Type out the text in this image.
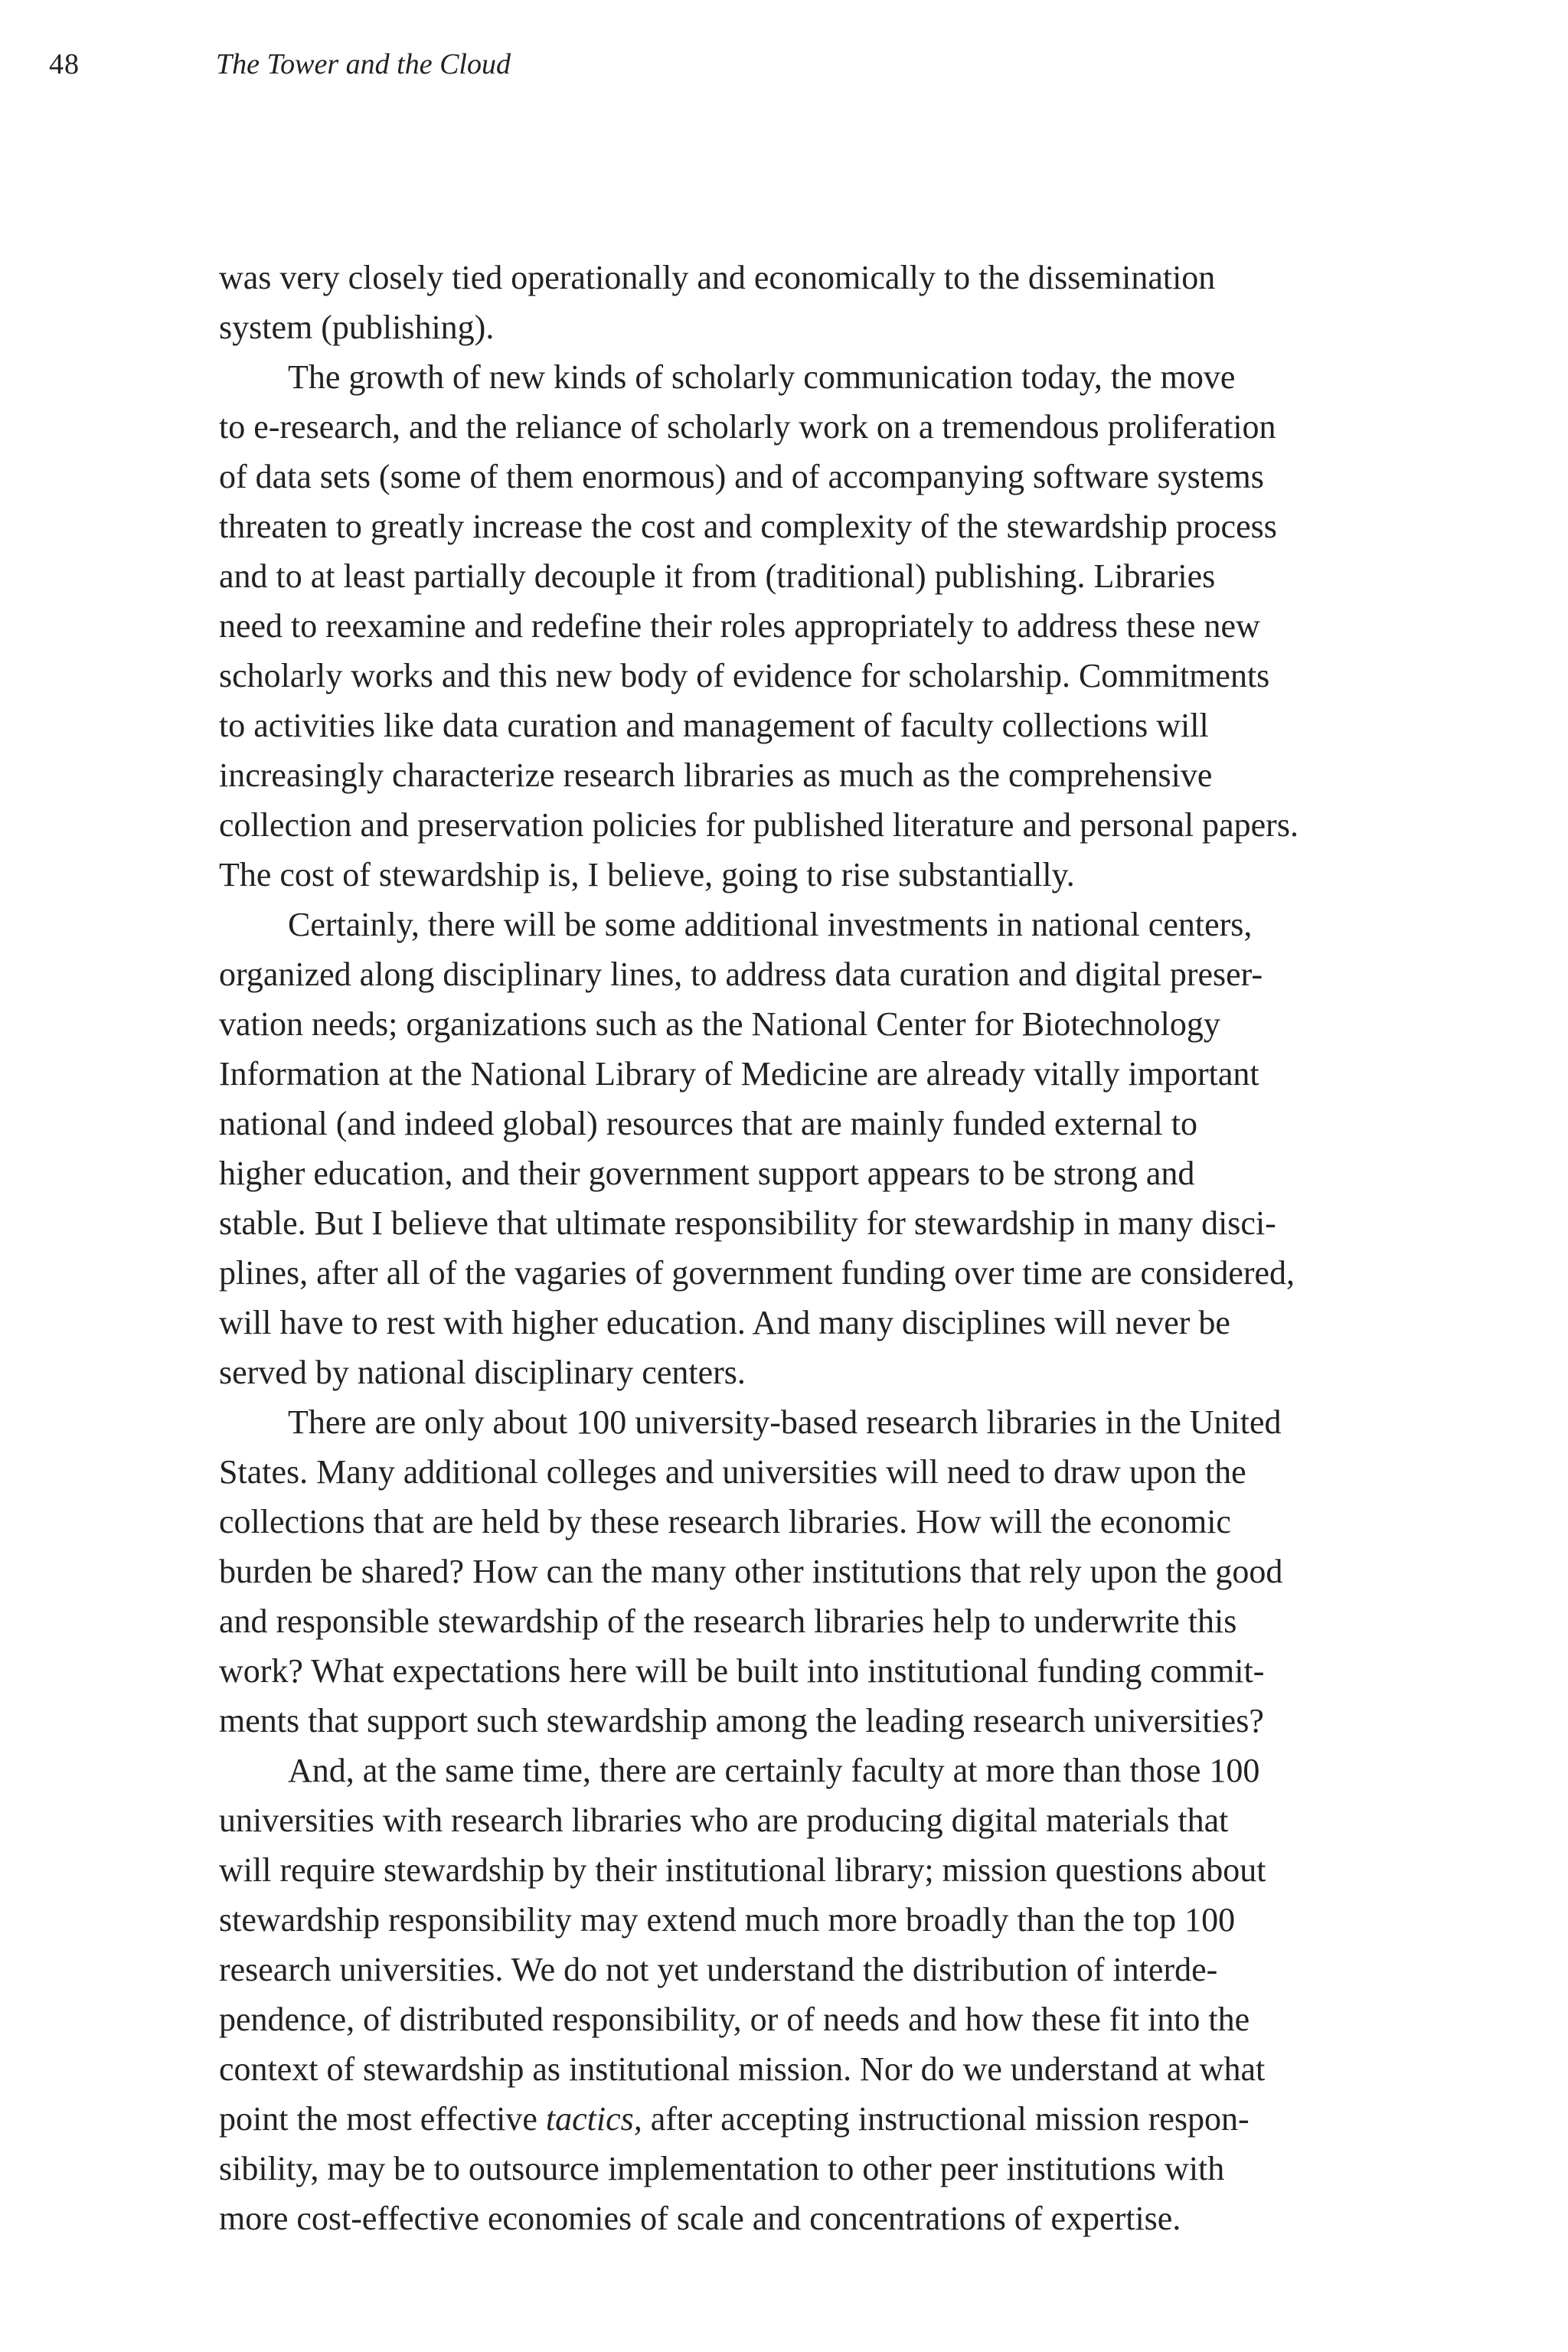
48	The Tower and the Cloud
was very closely tied operationally and economically to the dissemination
system (publishing).
The growth of new kinds of scholarly communication today, the move
to e-research, and the reliance of scholarly work on a tremendous proliferation
of data sets (some of them enormous) and of accompanying software systems
threaten to greatly increase the cost and complexity of the stewardship process
and to at least partially decouple it from (traditional) publishing. Libraries
need to reexamine and redefine their roles appropriately to address these new
scholarly works and this new body of evidence for scholarship. Commitments
to activities like data curation and management of faculty collections will
increasingly characterize research libraries as much as the comprehensive
collection and preservation policies for published literature and personal papers.
The cost of stewardship is, I believe, going to rise substantially.
Certainly, there will be some additional investments in national centers,
organized along disciplinary lines, to address data curation and digital preser-
vation needs; organizations such as the National Center for Biotechnology
Information at the National Library of Medicine are already vitally important
national (and indeed global) resources that are mainly funded external to
higher education, and their government support appears to be strong and
stable. But I believe that ultimate responsibility for stewardship in many disci-
plines, after all of the vagaries of government funding over time are considered,
will have to rest with higher education. And many disciplines will never be
served by national disciplinary centers.
There are only about 100 university-based research libraries in the United
States. Many additional colleges and universities will need to draw upon the
collections that are held by these research libraries. How will the economic
burden be shared? How can the many other institutions that rely upon the good
and responsible stewardship of the research libraries help to underwrite this
work? What expectations here will be built into institutional funding commit-
ments that support such stewardship among the leading research universities?
And, at the same time, there are certainly faculty at more than those 100
universities with research libraries who are producing digital materials that
will require stewardship by their institutional library; mission questions about
stewardship responsibility may extend much more broadly than the top 100
research universities. We do not yet understand the distribution of interde-
pendence, of distributed responsibility, or of needs and how these fit into the
context of stewardship as institutional mission. Nor do we understand at what
point the most effective tactics, after accepting instructional mission respon-
sibility, may be to outsource implementation to other peer institutions with
more cost-effective economies of scale and concentrations of expertise.
